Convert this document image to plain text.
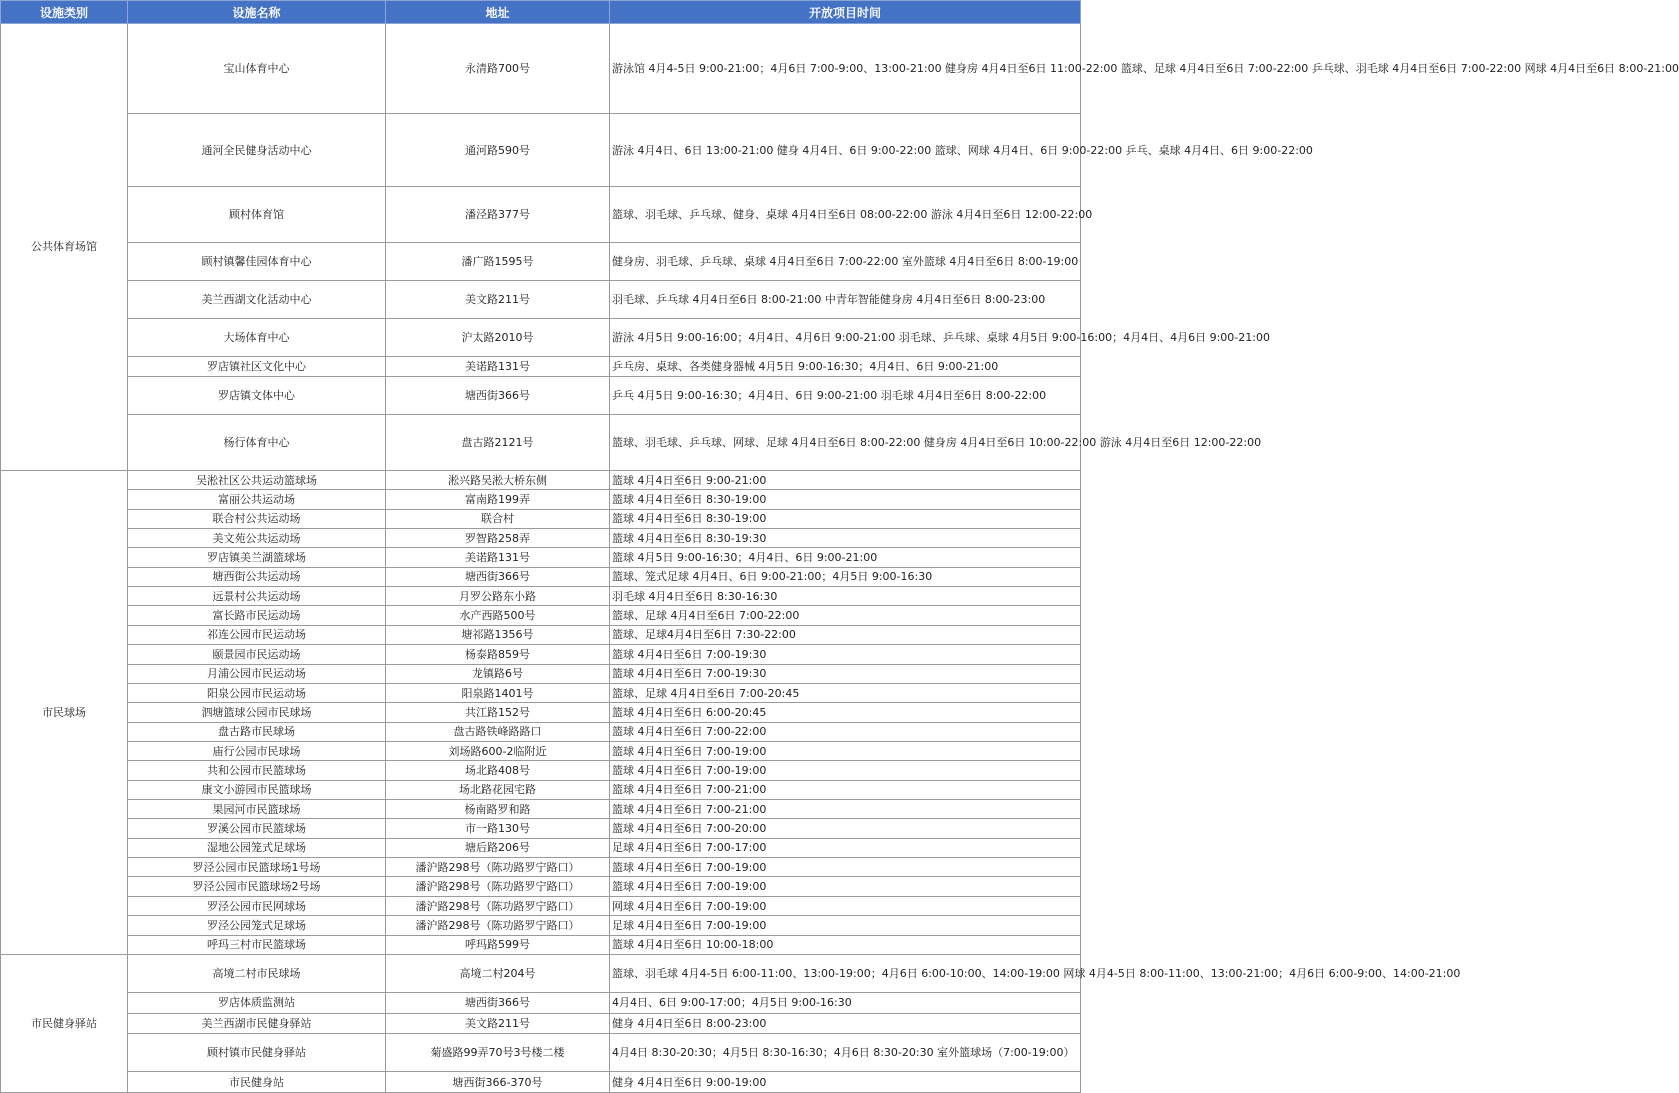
设施类别	设施名称	地址	开放项目时间
公共体育场馆	宝山体育中心	永清路700号	游泳馆 4月4-5日 9:00-21:00；4月6日 7:00-9:00、13:00-21:00 健身房 4月4日至6日 11:00-22:00 篮球、足球 4月4日至6日 7:00-22:00 乒乓球、羽毛球 4月4日至6日 7:00-22:00 网球 4月4日至6日 8:00-21:00
	通河全民健身活动中心	通河路590号	游泳 4月4日、6日 13:00-21:00 健身 4月4日、6日 9:00-22:00 篮球、网球 4月4日、6日 9:00-22:00 乒乓、桌球 4月4日、6日 9:00-22:00
	顾村体育馆	潘泾路377号	篮球、羽毛球、乒乓球、健身、桌球 4月4日至6日 08:00-22:00 游泳 4月4日至6日 12:00-22:00
	顾村镇馨佳园体育中心	潘广路1595号	健身房、羽毛球、乒乓球、桌球 4月4日至6日 7:00-22:00 室外篮球 4月4日至6日 8:00-19:00
	美兰西湖文化活动中心	美文路211号	羽毛球、乒乓球 4月4日至6日 8:00-21:00 中青年智能健身房 4月4日至6日 8:00-23:00
	大场体育中心	沪太路2010号	游泳 4月5日 9:00-16:00；4月4日、4月6日 9:00-21:00 羽毛球、乒乓球、桌球 4月5日 9:00-16:00；4月4日、4月6日 9:00-21:00
	罗店镇社区文化中心	美诺路131号	乒乓房、桌球、各类健身器械 4月5日 9:00-16:30；4月4日、6日 9:00-21:00
	罗店镇文体中心	塘西街366号	乒乓 4月5日 9:00-16:30；4月4日、6日 9:00-21:00 羽毛球 4月4日至6日 8:00-22:00
	杨行体育中心	盘古路2121号	篮球、羽毛球、乒乓球、网球、足球 4月4日至6日 8:00-22:00 健身房 4月4日至6日 10:00-22:00 游泳 4月4日至6日 12:00-22:00
市民球场	吴淞社区公共运动篮球场	淞兴路吴淞大桥东侧	篮球 4月4日至6日 9:00-21:00
	富丽公共运动场	富南路199弄	篮球 4月4日至6日 8:30-19:00
	联合村公共运动场	联合村	篮球 4月4日至6日 8:30-19:00
	美文苑公共运动场	罗智路258弄	篮球 4月4日至6日 8:30-19:30
	罗店镇美兰湖篮球场	美诺路131号	篮球 4月5日 9:00-16:30；4月4日、6日 9:00-21:00
	塘西街公共运动场	塘西街366号	篮球、笼式足球 4月4日、6日 9:00-21:00；4月5日 9:00-16:30
	远景村公共运动场	月罗公路东小路	羽毛球 4月4日至6日 8:30-16:30
	富长路市民运动场	水产西路500号	篮球、足球 4月4日至6日 7:00-22:00
	祁连公园市民运动场	塘祁路1356号	篮球、足球4月4日至6日 7:30-22:00
	颐景园市民运动场	杨泰路859号	篮球 4月4日至6日 7:00-19:30
	月浦公园市民运动场	龙镇路6号	篮球 4月4日至6日 7:00-19:30
	阳泉公园市民运动场	阳泉路1401号	篮球、足球 4月4日至6日 7:00-20:45
	泗塘篮球公园市民球场	共江路152号	篮球 4月4日至6日 6:00-20:45
	盘古路市民球场	盘古路铁峰路路口	篮球 4月4日至6日 7:00-22:00
	庙行公园市民球场	刘场路600-2临附近	篮球 4月4日至6日 7:00-19:00
	共和公园市民篮球场	场北路408号	篮球 4月4日至6日 7:00-19:00
	康文小游园市民篮球场	场北路花园宅路	篮球 4月4日至6日 7:00-21:00
	果园河市民篮球场	杨南路罗和路	篮球 4月4日至6日 7:00-21:00
	罗溪公园市民篮球场	市一路130号	篮球 4月4日至6日 7:00-20:00
	湿地公园笼式足球场	塘后路206号	足球 4月4日至6日 7:00-17:00
	罗泾公园市民篮球场1号场	潘沪路298号（陈功路罗宁路口）	篮球 4月4日至6日 7:00-19:00
	罗泾公园市民篮球场2号场	潘沪路298号（陈功路罗宁路口）	篮球 4月4日至6日 7:00-19:00
	罗泾公园市民网球场	潘沪路298号（陈功路罗宁路口）	网球 4月4日至6日 7:00-19:00
	罗泾公园笼式足球场	潘沪路298号（陈功路罗宁路口）	足球 4月4日至6日 7:00-19:00
	呼玛三村市民篮球场	呼玛路599号	篮球 4月4日至6日 10:00-18:00
市民健身驿站	高境二村市民球场	高境二村204号	篮球、羽毛球 4月4-5日 6:00-11:00、13:00-19:00；4月6日 6:00-10:00、14:00-19:00 网球 4月4-5日 8:00-11:00、13:00-21:00；4月6日 6:00-9:00、14:00-21:00
	罗店体质监测站	塘西街366号	4月4日、6日 9:00-17:00；4月5日 9:00-16:30
	美兰西湖市民健身驿站	美文路211号	健身 4月4日至6日 8:00-23:00
	顾村镇市民健身驿站	菊盛路99弄70号3号楼二楼	4月4日 8:30-20:30；4月5日 8:30-16:30；4月6日 8:30-20:30 室外篮球场（7:00-19:00）
	市民健身站	塘西街366-370号	健身 4月4日至6日 9:00-19:00
